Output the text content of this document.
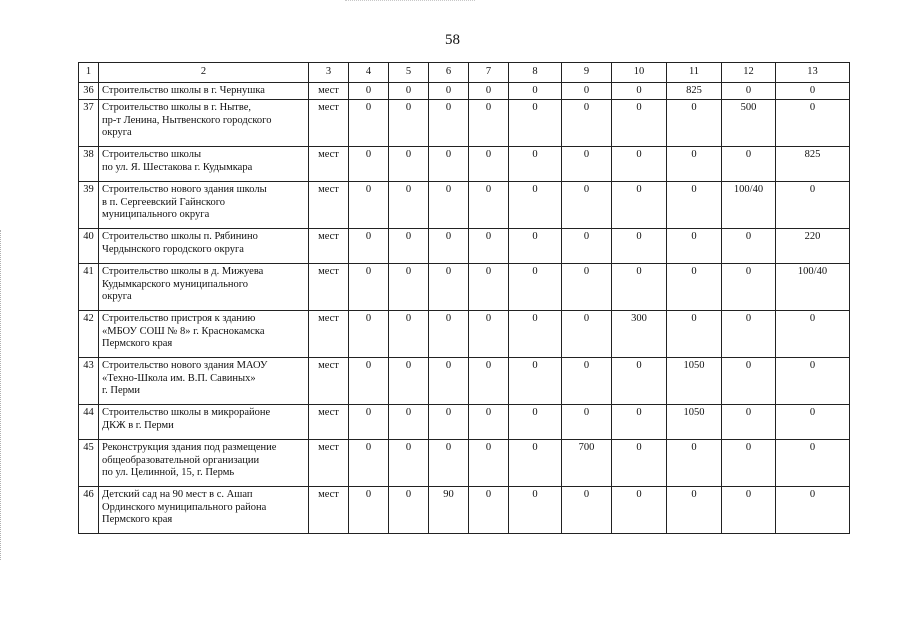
58
1	2	3	4	5	6	7	8	9	10	11	12	13
36	Строительство школы в г. Чернушка	мест	0	0	0	0	0	0	0	825	0	0
37	Строительство школы в г. Нытве,
пр-т Ленина, Нытвенского городского
округа	мест	0	0	0	0	0	0	0	0	500	0
38	Строительство школы
по ул. Я. Шестакова г. Кудымкара	мест	0	0	0	0	0	0	0	0	0	825
39	Строительство нового здания школы
в п. Сергеевский Гайнского
муниципального округа	мест	0	0	0	0	0	0	0	0	100/40	0
40	Строительство школы п. Рябинино
Чердынского городского округа	мест	0	0	0	0	0	0	0	0	0	220
41	Строительство школы в д. Мижуева
Кудымкарского муниципального
округа	мест	0	0	0	0	0	0	0	0	0	100/40
42	Строительство пристроя к зданию
«МБОУ СОШ № 8» г. Краснокамска
Пермского края	мест	0	0	0	0	0	0	300	0	0	0
43	Строительство нового здания МАОУ
«Техно-Школа им. В.П. Савиных»
г. Перми	мест	0	0	0	0	0	0	0	1050	0	0
44	Строительство школы в микрорайоне
ДКЖ в г. Перми	мест	0	0	0	0	0	0	0	1050	0	0
45	Реконструкция здания под размещение
общеобразовательной организации
по ул. Целинной, 15, г. Пермь	мест	0	0	0	0	0	700	0	0	0	0
46	Детский сад на 90 мест в с. Ашап
Ординского муниципального района
Пермского края	мест	0	0	90	0	0	0	0	0	0	0
